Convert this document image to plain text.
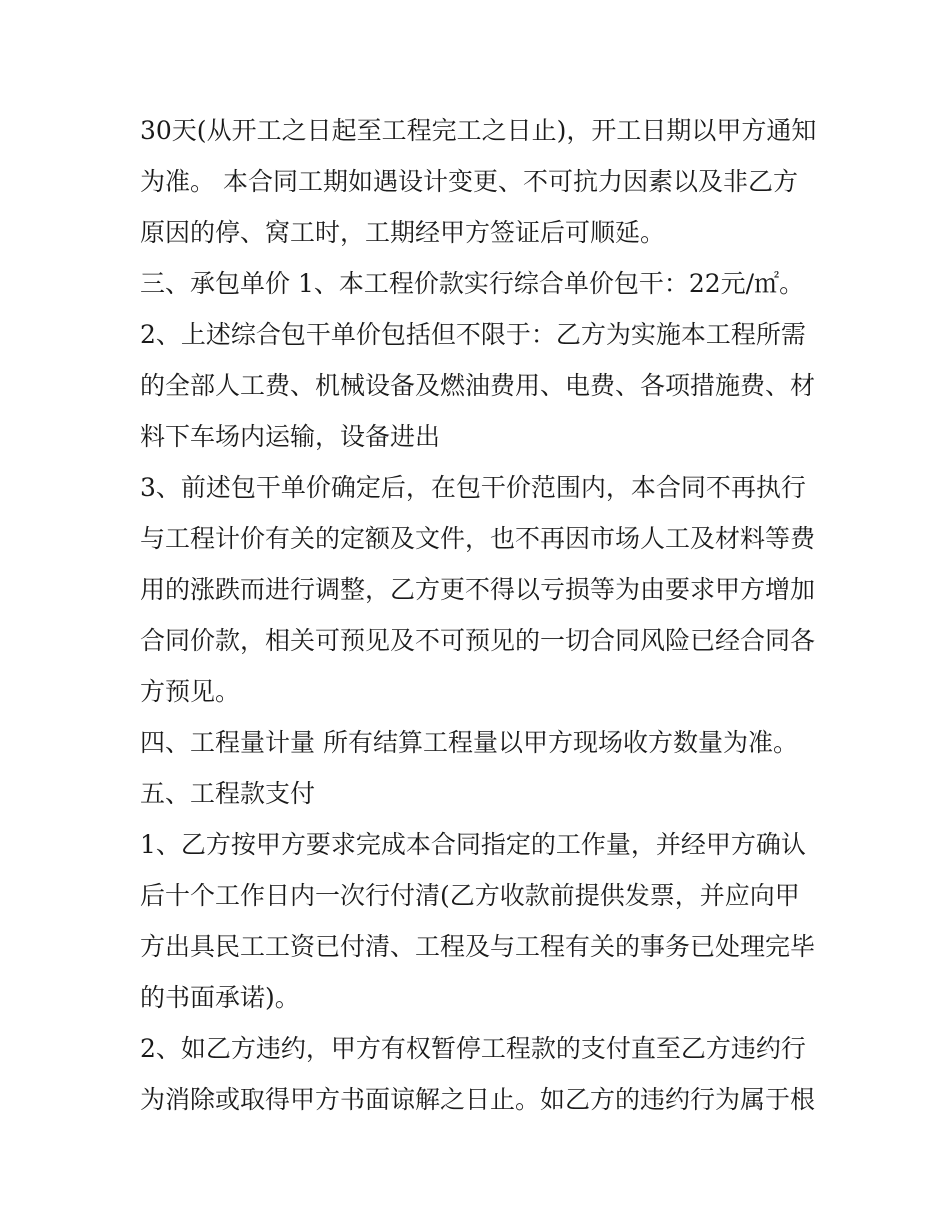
30天(从开工之日起至工程完工之日止)，开工日期以甲方通知

为准。 本合同工期如遇设计变更、不可抗力因素以及非乙方

原因的停、窝工时，工期经甲方签证后可顺延。

三、承包单价 1、本工程价款实行综合单价包干：22元/㎡。

2、上述综合包干单价包括但不限于：乙方为实施本工程所需

的全部人工费、机械设备及燃油费用、电费、各项措施费、材

料下车场内运输，设备进出

3、前述包干单价确定后，在包干价范围内，本合同不再执行

与工程计价有关的定额及文件，也不再因市场人工及材料等费

用的涨跌而进行调整，乙方更不得以亏损等为由要求甲方增加

合同价款，相关可预见及不可预见的一切合同风险已经合同各

方预见。

四、工程量计量 所有结算工程量以甲方现场收方数量为准。

五、工程款支付

1、乙方按甲方要求完成本合同指定的工作量，并经甲方确认

后十个工作日内一次行付清(乙方收款前提供发票，并应向甲

方出具民工工资已付清、工程及与工程有关的事务已处理完毕

的书面承诺)。

2、如乙方违约，甲方有权暂停工程款的支付直至乙方违约行

为消除或取得甲方书面谅解之日止。如乙方的违约行为属于根
